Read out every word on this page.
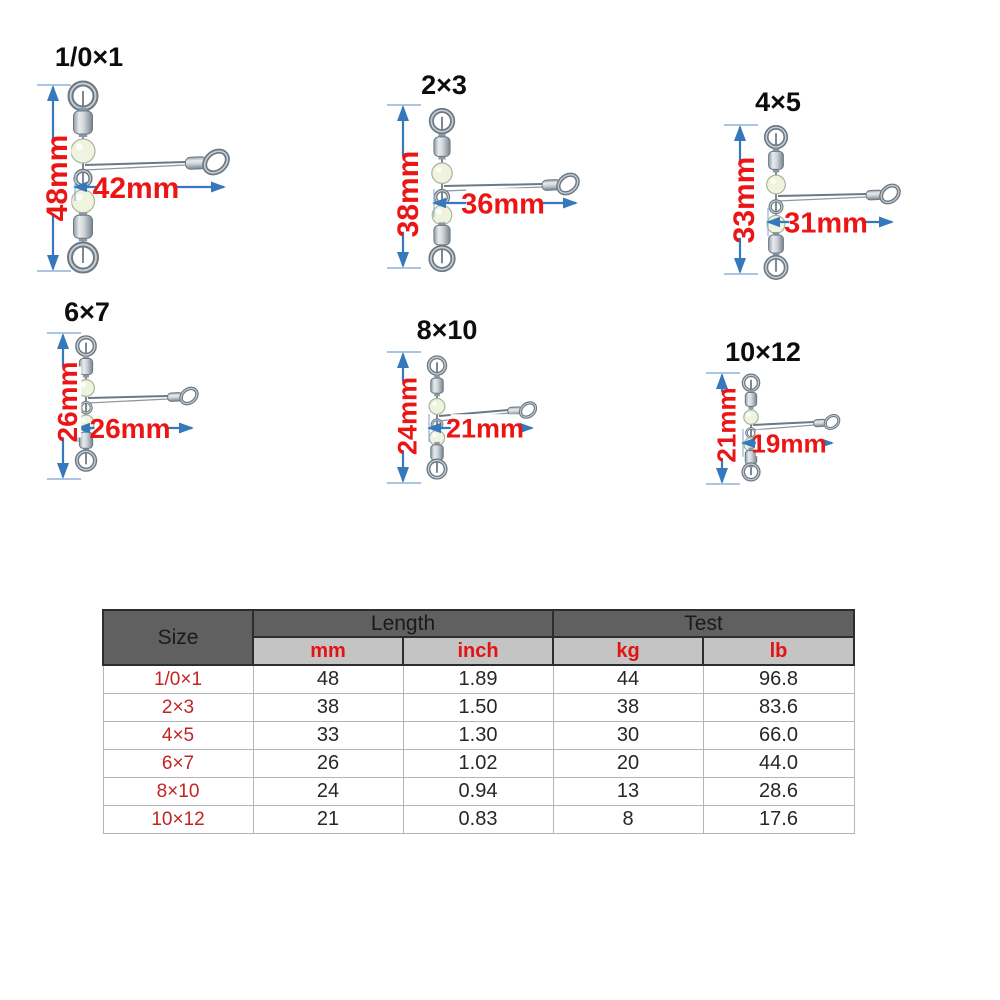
1/0×1
42mm
48mm
2×3
36mm
38mm
4×5
31mm
33mm
6×7
26mm
26mm
8×10
21mm
24mm
10×12
19mm
21mm
Size	Length		Test	
	mm	inch	kg	lb
1/0×1	48	1.89	44	96.8
2×3	38	1.50	38	83.6
4×5	33	1.30	30	66.0
6×7	26	1.02	20	44.0
8×10	24	0.94	13	28.6
10×12	21	0.83	8	17.6
